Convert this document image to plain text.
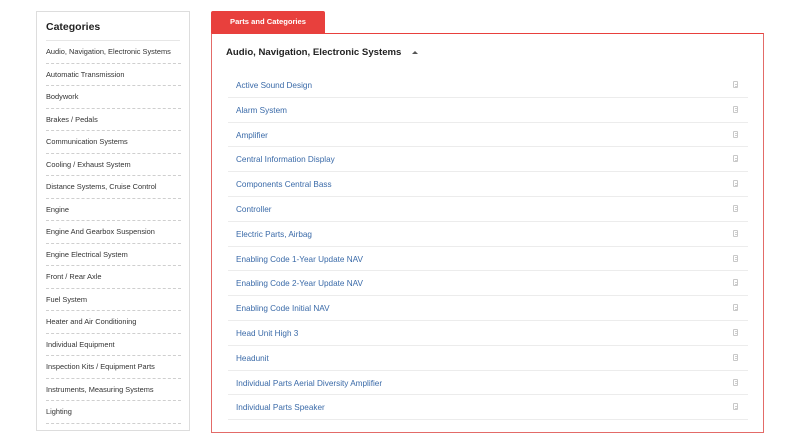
Categories
Audio, Navigation, Electronic Systems
Automatic Transmission
Bodywork
Brakes / Pedals
Communication Systems
Cooling / Exhaust System
Distance Systems, Cruise Control
Engine
Engine And Gearbox Suspension
Engine Electrical System
Front / Rear Axle
Fuel System
Heater and Air Conditioning
Individual Equipment
Inspection Kits / Equipment Parts
Instruments, Measuring Systems
Lighting
Parts and Categories
Audio, Navigation, Electronic Systems
Active Sound Design
Alarm System
Amplifier
Central Information Display
Components Central Bass
Controller
Electric Parts, Airbag
Enabling Code 1-Year Update NAV
Enabling Code 2-Year Update NAV
Enabling Code Initial NAV
Head Unit High 3
Headunit
Individual Parts Aerial Diversity Amplifier
Individual Parts Speaker
